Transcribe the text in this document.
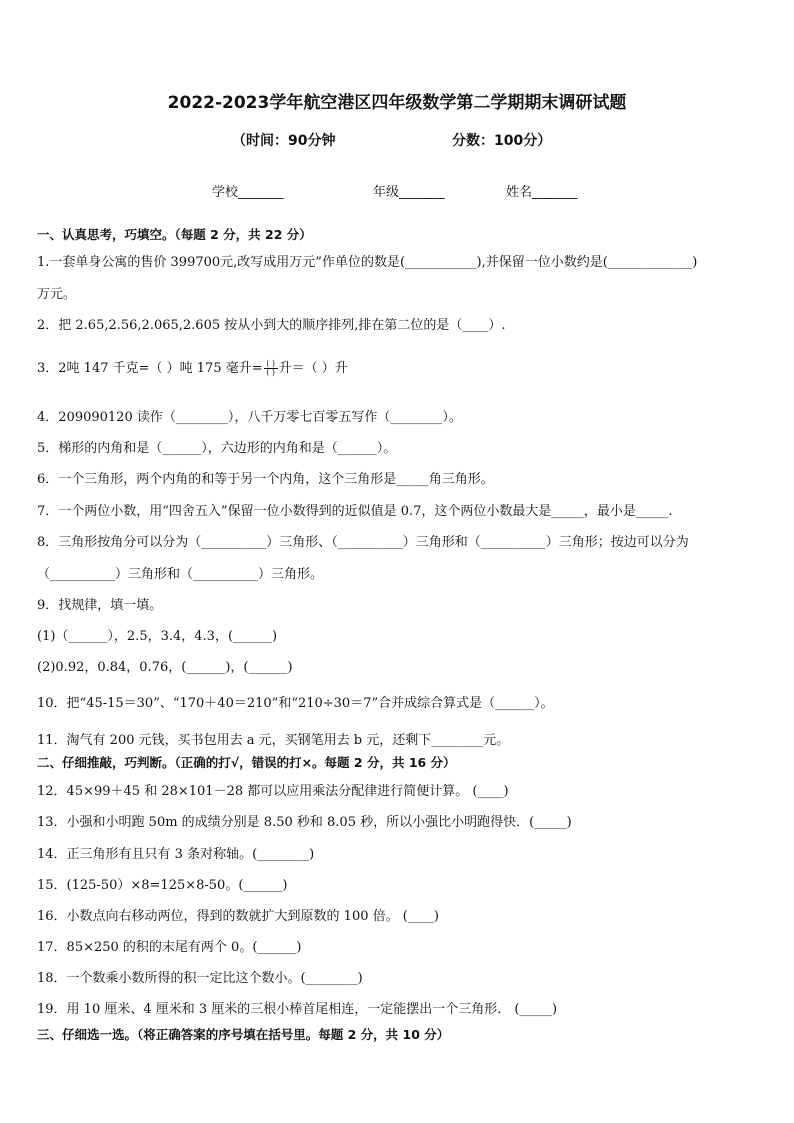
2022-2023学年航空港区四年级数学第二学期期末调研试题
（时间：90分钟	分数：100分）
学校_______	年级_______	姓名_______
一、认真思考，巧填空。（每题 2 分，共 22 分）
1.一套单身公寓的售价 399700元,改写成用万元”作单位的数是(___________),并保留一位小数约是(_____________)
万元。
2．把 2.65,2.56,2.065,2.605 按从小到大的顺序排列,排在第二位的是（____）.
3．2吨 147 千克=（ ）吨 175 毫升= $\frac{( )}{( )}$ 升＝（ ）升
4．209090120 读作（________），八千万零七百零五写作（________）。
5．梯形的内角和是（______），六边形的内角和是（______）。
6．一个三角形，两个内角的和等于另一个内角，这个三角形是_____角三角形。
7．一个两位小数，用“四舍五入”保留一位小数得到的近似值是 0.7，这个两位小数最大是_____，最小是_____.
8．三角形按角分可以分为（__________）三角形、（__________）三角形和（__________）三角形；按边可以分为
（__________）三角形和（__________）三角形。
9．找规律，填一填。
(1)（______），2.5，3.4，4.3，(______)
(2)0.92，0.84，0.76，(______)，(______)
10．把“45-15＝30”、“170＋40＝210”和“210÷30＝7”合并成综合算式是（______）。
11．淘气有 200 元钱，买书包用去 a 元，买钢笔用去 b 元，还剩下________元。
二、仔细推敲，巧判断。（正确的打√，错误的打×。每题 2 分，共 16 分）
12．45×99＋45 和 28×101－28 都可以应用乘法分配律进行简便计算。 (____)
13．小强和小明跑 50m 的成绩分别是 8.50 秒和 8.05 秒，所以小强比小明跑得快．(_____)
14．正三角形有且只有 3 条对称轴。(________)
15．(125-50）×8=125×8-50。(______)
16．小数点向右移动两位，得到的数就扩大到原数的 100 倍。 (____)
17．85×250 的积的末尾有两个 0。(______)
18．一个数乘小数所得的积一定比这个数小。(________)
19．用 10 厘米、4 厘米和 3 厘米的三根小棒首尾相连，一定能摆出一个三角形． (_____)
三、仔细选一选。（将正确答案的序号填在括号里。每题 2 分，共 10 分）
